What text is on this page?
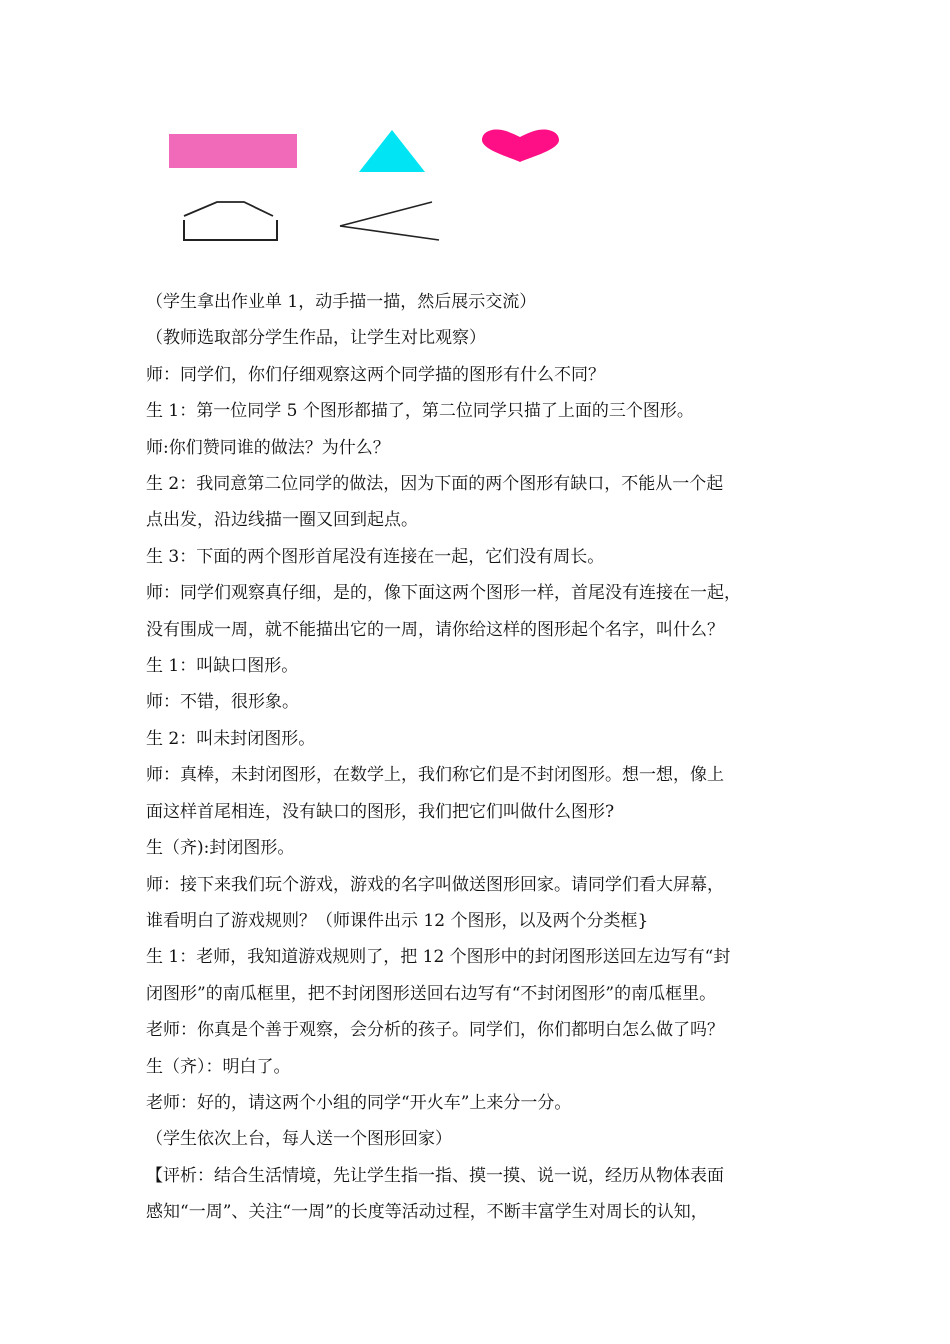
（学生拿出作业单 1，动手描一描，然后展示交流）

（教师选取部分学生作品，让学生对比观察）

师：同学们，你们仔细观察这两个同学描的图形有什么不同？

生 1：第一位同学 5 个图形都描了，第二位同学只描了上面的三个图形。

师:你们赞同谁的做法？为什么？

生 2：我同意第二位同学的做法，因为下面的两个图形有缺口，不能从一个起

点出发，沿边线描一圈又回到起点。

生 3：下面的两个图形首尾没有连接在一起，它们没有周长。

师：同学们观察真仔细，是的，像下面这两个图形一样，首尾没有连接在一起，

没有围成一周，就不能描出它的一周，请你给这样的图形起个名字，叫什么？

生 1：叫缺口图形。

师：不错，很形象。

生 2：叫未封闭图形。

师：真棒，未封闭图形，在数学上，我们称它们是不封闭图形。想一想，像上

面这样首尾相连，没有缺口的图形，我们把它们叫做什么图形?

生（齐):封闭图形。

师：接下来我们玩个游戏，游戏的名字叫做送图形回家。请同学们看大屏幕，

谁看明白了游戏规则？（师课件出示 12 个图形，以及两个分类框}

生 1：老师，我知道游戏规则了，把 12 个图形中的封闭图形送回左边写有“封

闭图形”的南瓜框里，把不封闭图形送回右边写有“不封闭图形”的南瓜框里。

老师：你真是个善于观察，会分析的孩子。同学们，你们都明白怎么做了吗？

生（齐）：明白了。

老师：好的，请这两个小组的同学“开火车”上来分一分。

（学生依次上台，每人送一个图形回家）

【评析：结合生活情境，先让学生指一指、摸一摸、说一说，经历从物体表面

感知“一周”、关注“一周”的长度等活动过程，不断丰富学生对周长的认知，
